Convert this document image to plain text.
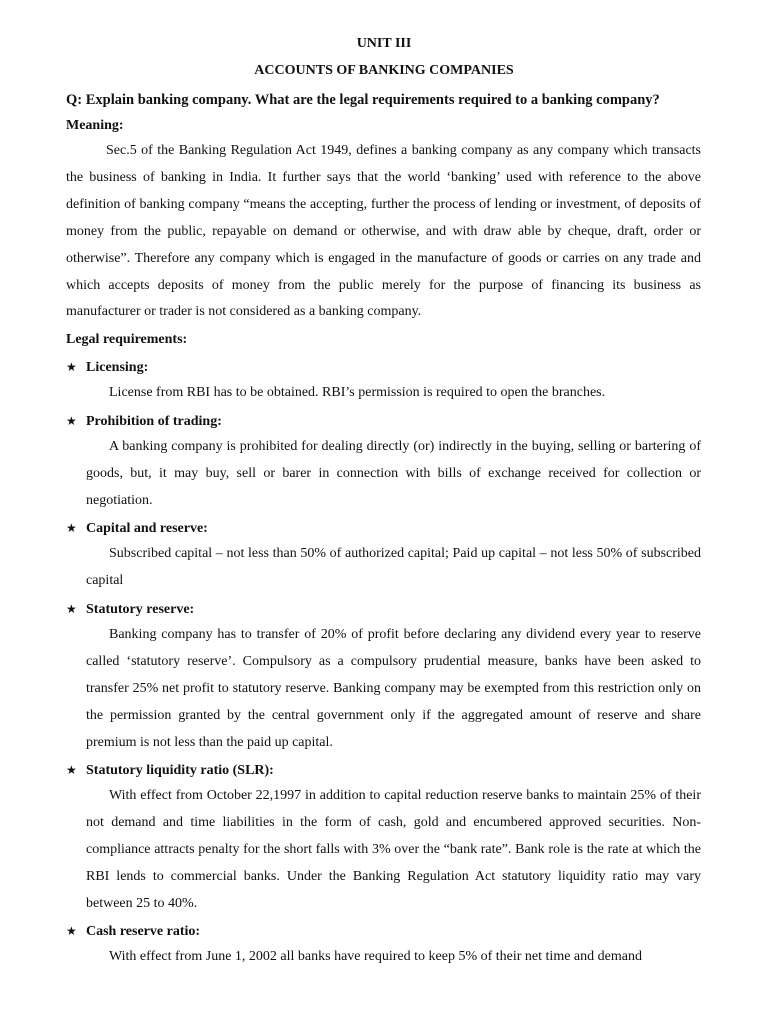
UNIT III
ACCOUNTS OF BANKING COMPANIES
Q: Explain banking company. What are the legal requirements required to a banking company?
Meaning:
Sec.5 of the Banking Regulation Act 1949, defines a banking company as any company which transacts the business of banking in India. It further says that the world ‘banking’ used with reference to the above definition of banking company “means the accepting, further the process of lending or investment, of deposits of money from the public, repayable on demand or otherwise, and with draw able by cheque, draft, order or otherwise”. Therefore any company which is engaged in the manufacture of goods or carries on any trade and which accepts deposits of money from the public merely for the purpose of financing its business as manufacturer or trader is not considered as a banking company.
Legal requirements:
★ Licensing:
License from RBI has to be obtained. RBI’s permission is required to open the branches.
★ Prohibition of trading:
A banking company is prohibited for dealing directly (or) indirectly in the buying, selling or bartering of goods, but, it may buy, sell or barer in connection with bills of exchange received for collection or negotiation.
★ Capital and reserve:
Subscribed capital – not less than 50% of authorized capital; Paid up capital – not less 50% of subscribed capital
★ Statutory reserve:
Banking company has to transfer of 20% of profit before declaring any dividend every year to reserve called ‘statutory reserve’. Compulsory as a compulsory prudential measure, banks have been asked to transfer 25% net profit to statutory reserve. Banking company may be exempted from this restriction only on the permission granted by the central government only if the aggregated amount of reserve and share premium is not less than the paid up capital.
★ Statutory liquidity ratio (SLR):
With effect from October 22,1997 in addition to capital reduction reserve banks to maintain 25% of their not demand and time liabilities in the form of cash, gold and encumbered approved securities. Non-compliance attracts penalty for the short falls with 3% over the “bank rate”. Bank role is the rate at which the RBI lends to commercial banks. Under the Banking Regulation Act statutory liquidity ratio may vary between 25 to 40%.
★ Cash reserve ratio:
With effect from June 1, 2002 all banks have required to keep 5% of their net time and demand
